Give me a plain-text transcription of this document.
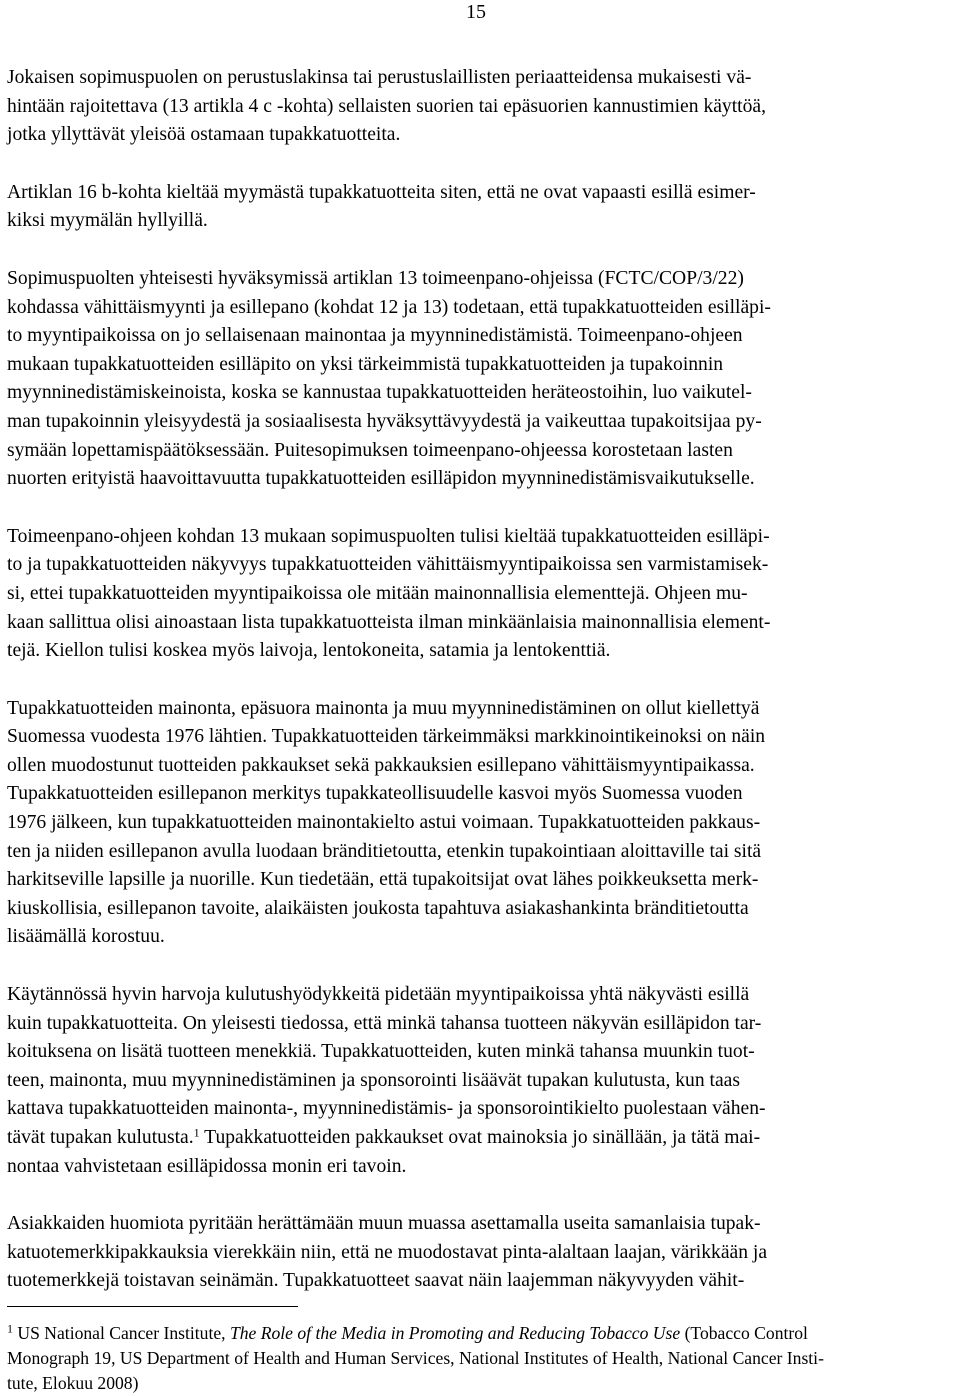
15

Jokaisen sopimuspuolen on perustuslakinsa tai perustuslaillisten periaatteidensa mukaisesti vä-
hintään rajoitettava (13 artikla 4 c -kohta) sellaisten suorien tai epäsuorien kannustimien käyttöä,
jotka yllyttävät yleisöä ostamaan tupakkatuotteita.

Artiklan 16 b-kohta kieltää myymästä tupakkatuotteita siten, että ne ovat vapaasti esillä esimer-
kiksi myymälän hyllyillä.

Sopimuspuolten yhteisesti hyväksymissä artiklan 13 toimeenpano-ohjeissa (FCTC/COP/3/22)
kohdassa vähittäismyynti ja esillepano (kohdat 12 ja 13) todetaan, että tupakkatuotteiden esilläpi-
to myyntipaikoissa on jo sellaisenaan mainontaa ja myynninedistämistä. Toimeenpano-ohjeen
mukaan tupakkatuotteiden esilläpito on yksi tärkeimmistä tupakkatuotteiden ja tupakoinnin
myynninedistämiskeinoista, koska se kannustaa tupakkatuotteiden heräteostoihin, luo vaikutel-
man tupakoinnin yleisyydestä ja sosiaalisesta hyväksyttävyydestä ja vaikeuttaa tupakoitsijaa py-
symään lopettamispäätöksessään. Puitesopimuksen toimeenpano-ohjeessa korostetaan lasten
nuorten erityistä haavoittavuutta tupakkatuotteiden esilläpidon myynninedistämisvaikutukselle.

Toimeenpano-ohjeen kohdan 13 mukaan sopimuspuolten tulisi kieltää tupakkatuotteiden esilläpi-
to ja tupakkatuotteiden näkyvyys tupakkatuotteiden vähittäismyyntipaikoissa sen varmistamisek-
si, ettei tupakkatuotteiden myyntipaikoissa ole mitään mainonnallisia elementtejä. Ohjeen mu-
kaan sallittua olisi ainoastaan lista tupakkatuotteista ilman minkäänlaisia mainonnallisia element-
tejä. Kiellon tulisi koskea myös laivoja, lentokoneita, satamia ja lentokenttiä.

Tupakkatuotteiden mainonta, epäsuora mainonta ja muu myynninedistäminen on ollut kiellettyä
Suomessa vuodesta 1976 lähtien. Tupakkatuotteiden tärkeimmäksi markkinointikeinoksi on näin
ollen muodostunut tuotteiden pakkaukset sekä pakkauksien esillepano vähittäismyyntipaikassa.
Tupakkatuotteiden esillepanon merkitys tupakkateollisuudelle kasvoi myös Suomessa vuoden
1976 jälkeen, kun tupakkatuotteiden mainontakielto astui voimaan. Tupakkatuotteiden pakkaus-
ten ja niiden esillepanon avulla luodaan bränditietoutta, etenkin tupakointiaan aloittaville tai sitä
harkitseville lapsille ja nuorille. Kun tiedetään, että tupakoitsijat ovat lähes poikkeuksetta merk-
kiuskollisia, esillepanon tavoite, alaikäisten joukosta tapahtuva asiakashankinta bränditietoutta
lisäämällä korostuu.

Käytännössä hyvin harvoja kulutushyödykkeitä pidetään myyntipaikoissa yhtä näkyvästi esillä
kuin tupakkatuotteita. On yleisesti tiedossa, että minkä tahansa tuotteen näkyvän esilläpidon tar-
koituksena on lisätä tuotteen menekkiä. Tupakkatuotteiden, kuten minkä tahansa muunkin tuot-
teen, mainonta, muu myynninedistäminen ja sponsorointi lisäävät tupakan kulutusta, kun taas
kattava tupakkatuotteiden mainonta-, myynninedistämis- ja sponsorointikielto puolestaan vähen-
tävät tupakan kulutusta.$^1$ Tupakkatuotteiden pakkaukset ovat mainoksia jo sinällään, ja tätä mai-
nontaa vahvistetaan esilläpidossa monin eri tavoin.

Asiakkaiden huomiota pyritään herättämään muun muassa asettamalla useita samanlaisia tupak-
katuotemerkkipakkauksia vierekkäin niin, että ne muodostavat pinta-alaltaan laajan, värikkään ja
tuotemerkkejä toistavan seinämän. Tupakkatuotteet saavat näin laajemman näkyvyyden vähit-

$^1$ US National Cancer Institute, The Role of the Media in Promoting and Reducing Tobacco Use (Tobacco Control
Monograph 19, US Department of Health and Human Services, National Institutes of Health, National Cancer Insti-
tute, Elokuu 2008)
